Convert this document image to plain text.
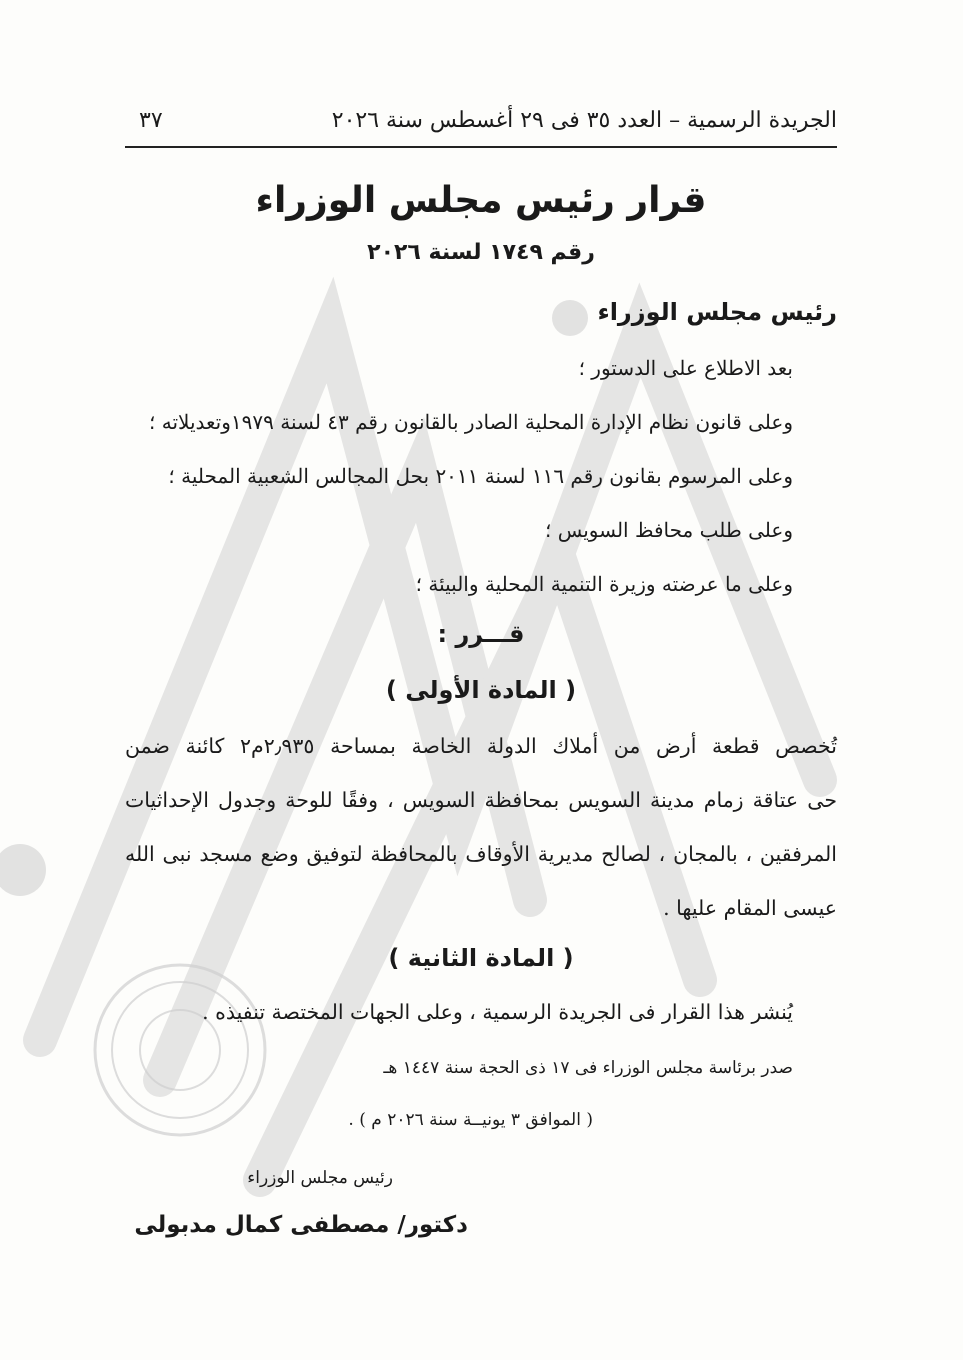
الجريدة الرسمية – العدد ٣٥ فى ٢٩ أغسطس سنة ٢٠٢٦
٣٧
قرار رئيس مجلس الوزراء
رقم ١٧٤٩ لسنة ٢٠٢٦
رئيس مجلس الوزراء
بعد الاطلاع على الدستور ؛
وعلى قانون نظام الإدارة المحلية الصادر بالقانون رقم ٤٣ لسنة ١٩٧٩وتعديلاته ؛
وعلى المرسوم بقانون رقم ١١٦ لسنة ٢٠١١ بحل المجالس الشعبية المحلية ؛
وعلى طلب محافظ السويس ؛
وعلى ما عرضته وزيرة التنمية المحلية والبيئة ؛
قـــرر :
( المادة الأولى )
تُخصص قطعة أرض من أملاك الدولة الخاصة بمساحة ٢٫٩٣٥م٢ كائنة ضمن
حى عتاقة زمام مدينة السويس بمحافظة السويس ، وفقًا للوحة وجدول الإحداثيات
المرفقين ، بالمجان ، لصالح مديرية الأوقاف بالمحافظة لتوفيق وضع مسجد نبى الله
عيسى المقام عليها .
( المادة الثانية )
يُنشر هذا القرار فى الجريدة الرسمية ، وعلى الجهات المختصة تنفيذه .
صدر برئاسة مجلس الوزراء فى ١٧ ذى الحجة سنة ١٤٤٧ هـ
( الموافق ٣ يونيــة سنة ٢٠٢٦ م ) .
رئيس مجلس الوزراء
دكتور/ مصطفى كمال مدبولى
